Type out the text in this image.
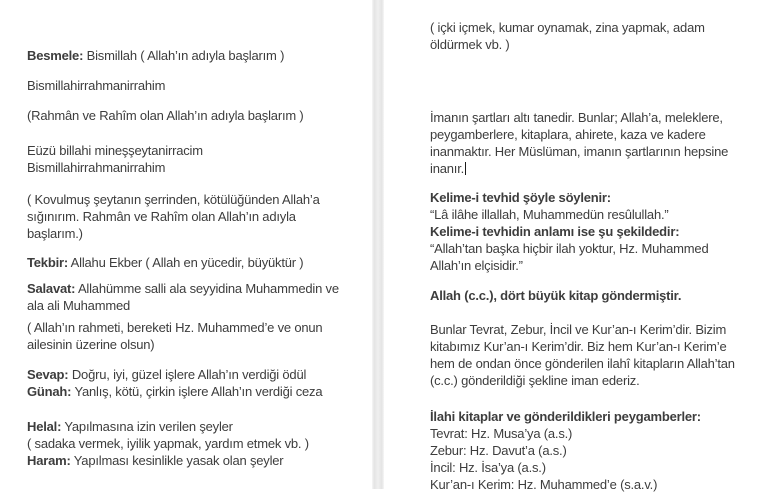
Besmele: Bismillah ( Allah’ın adıyla başlarım )
Bismillahirrahmanirrahim
(Rahmân ve Rahîm olan Allah’ın adıyla başlarım )
Eüzü billahi mineşşeytanirracim
Bismillahirrahmanirrahim
( Kovulmuş şeytanın şerrinden, kötülüğünden Allah’a
sığınırım. Rahmân ve Rahîm olan Allah’ın adıyla
başlarım.)
Tekbir: Allahu Ekber ( Allah en yücedir, büyüktür )
Salavat: Allahümme salli ala seyyidina Muhammedin ve
ala ali Muhammed
( Allah’ın rahmeti, bereketi Hz. Muhammed’e ve onun
ailesinin üzerine olsun)
Sevap: Doğru, iyi, güzel işlere Allah’ın verdiği ödül
Günah: Yanlış, kötü, çirkin işlere Allah’ın verdiği ceza
Helal: Yapılmasına izin verilen şeyler
( sadaka vermek, iyilik yapmak, yardım etmek vb. )
Haram: Yapılması kesinlikle yasak olan şeyler
( içki içmek, kumar oynamak, zina yapmak, adam
öldürmek vb. )
İmanın şartları altı tanedir. Bunlar; Allah’a, meleklere,
peygamberlere, kitaplara, ahirete, kaza ve kadere
inanmaktır. Her Müslüman, imanın şartlarının hepsine
inanır.
Kelime-i tevhid şöyle söylenir:
“Lâ ilâhe illallah, Muhammedün resûlullah.”
Kelime-i tevhidin anlamı ise şu şekildedir:
“Allah’tan başka hiçbir ilah yoktur, Hz. Muhammed
Allah’ın elçisidir.”
Allah (c.c.), dört büyük kitap göndermiştir.
Bunlar Tevrat, Zebur, İncil ve Kur’an-ı Kerim’dir. Bizim
kitabımız Kur’an-ı Kerim’dir. Biz hem Kur’an-ı Kerim’e
hem de ondan önce gönderilen ilahî kitapların Allah’tan
(c.c.) gönderildiği şekline iman ederiz.
İlahi kitaplar ve gönderildikleri peygamberler:
Tevrat: Hz. Musa’ya (a.s.)
Zebur: Hz. Davut’a (a.s.)
İncil: Hz. İsa’ya (a.s.)
Kur’an-ı Kerim: Hz. Muhammed’e (s.a.v.)
